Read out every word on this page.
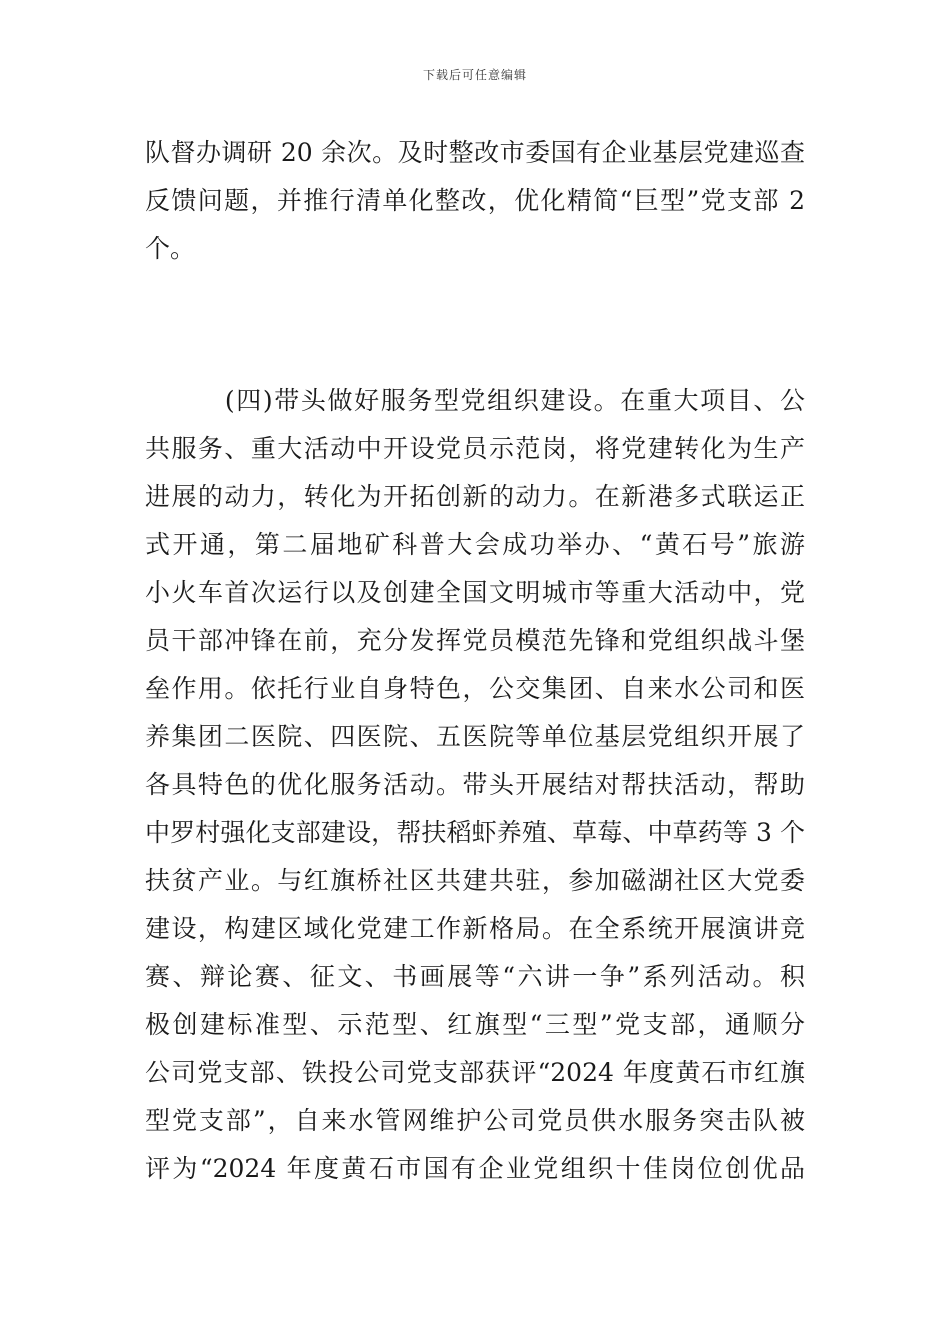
下载后可任意编辑
队督办调研 20 余次。及时整改市委国有企业基层党建巡查
反馈问题，并推行清单化整改，优化精简“巨型”党支部 2
个。
　　　(四)带头做好服务型党组织建设。在重大项目、公
共服务、重大活动中开设党员示范岗，将党建转化为生产
进展的动力，转化为开拓创新的动力。在新港多式联运正
式开通，第二届地矿科普大会成功举办、“黄石号”旅游
小火车首次运行以及创建全国文明城市等重大活动中，党
员干部冲锋在前，充分发挥党员模范先锋和党组织战斗堡
垒作用。依托行业自身特色，公交集团、自来水公司和医
养集团二医院、四医院、五医院等单位基层党组织开展了
各具特色的优化服务活动。带头开展结对帮扶活动，帮助
中罗村强化支部建设，帮扶稻虾养殖、草莓、中草药等 3 个
扶贫产业。与红旗桥社区共建共驻，参加磁湖社区大党委
建设，构建区域化党建工作新格局。在全系统开展演讲竞
赛、辩论赛、征文、书画展等“六讲一争”系列活动。积
极创建标准型、示范型、红旗型“三型”党支部，通顺分
公司党支部、铁投公司党支部获评“2024 年度黄石市红旗
型党支部”，自来水管网维护公司党员供水服务突击队被
评为“2024 年度黄石市国有企业党组织十佳岗位创优品
